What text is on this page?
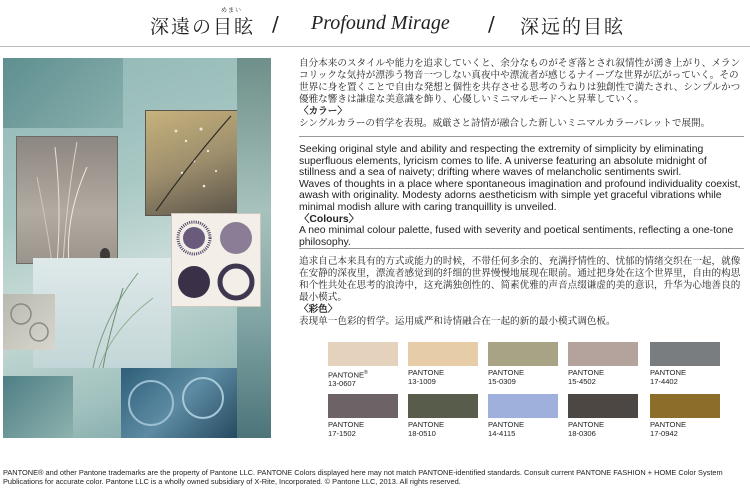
深遠の目眩
めまい
/ Profound Mirage / 深远的目眩

自分本来のスタイルや能力を追求していくと、余分なものがそぎ落とされ叙情性が湧き上がり、メランコリックな気持が漂渉う物音一つしない真夜中や漂流者が感じるナイーブな世界が広がっていく。その世界に身を置くことで自由な発想と個性を共存させる思考のうねりは独創性で満たされ、シンプルかつ優雅な響きは謙虚な美意識を飾り、心優しいミニマルモードへと昇華していく。

〈カラー〉

シングルカラーの哲学を表現。威厳さと詩情が融合した新しいミニマルカラーパレットで展開。

Seeking original style and ability and respecting the extremity of simplicity by eliminating superfluous elements, lyricism comes to life. A universe featuring an absolute midnight of stillness and a sea of naivety; drifting where waves of melancholic sentiments swirl.

Waves of thoughts in a place where spontaneous imagination and profound individuality coexist, awash with originality. Modesty adorns aestheticism with simple yet graceful vibrations while minimal modish allure with caring tranquillity is unveiled.

〈Colours〉

A neo minimal colour palette, fused with severity and poetical sentiments, reflecting a one-tone philosophy.

追求自己本来具有的方式或能力的时候，不带任何多余的、充满抒情性的、忧郁的情绪交织在一起，就像在安静的深夜里，漂流者感觉到的纤细的世界慢慢地展现在眼前。通过把身处在这个世界里，自由的构思和个性共处在思考的浪涛中，这充满独创性的、简素优雅的声音点缀谦虚的美的意识，升华为心地善良的最小模式。

〈彩色〉

表现单一色彩的哲学。运用威严和诗情融合在一起的新的最小模式调色板。

PANTONE®
13-0607
PANTONE
13-1009
PANTONE
15-0309
PANTONE
15-4502
PANTONE
17-4402
PANTONE
17-1502
PANTONE
18-0510
PANTONE
14-4115
PANTONE
18-0306
PANTONE
17-0942
PANTONE® and other Pantone trademarks are the property of Pantone LLC. PANTONE Colors displayed here may not match PANTONE-identified standards. Consult current PANTONE FASHION + HOME Color System Publications for accurate color. Pantone LLC is a wholly owned subsidiary of X-Rite, Incorporated. © Pantone LLC, 2013. All rights reserved.
